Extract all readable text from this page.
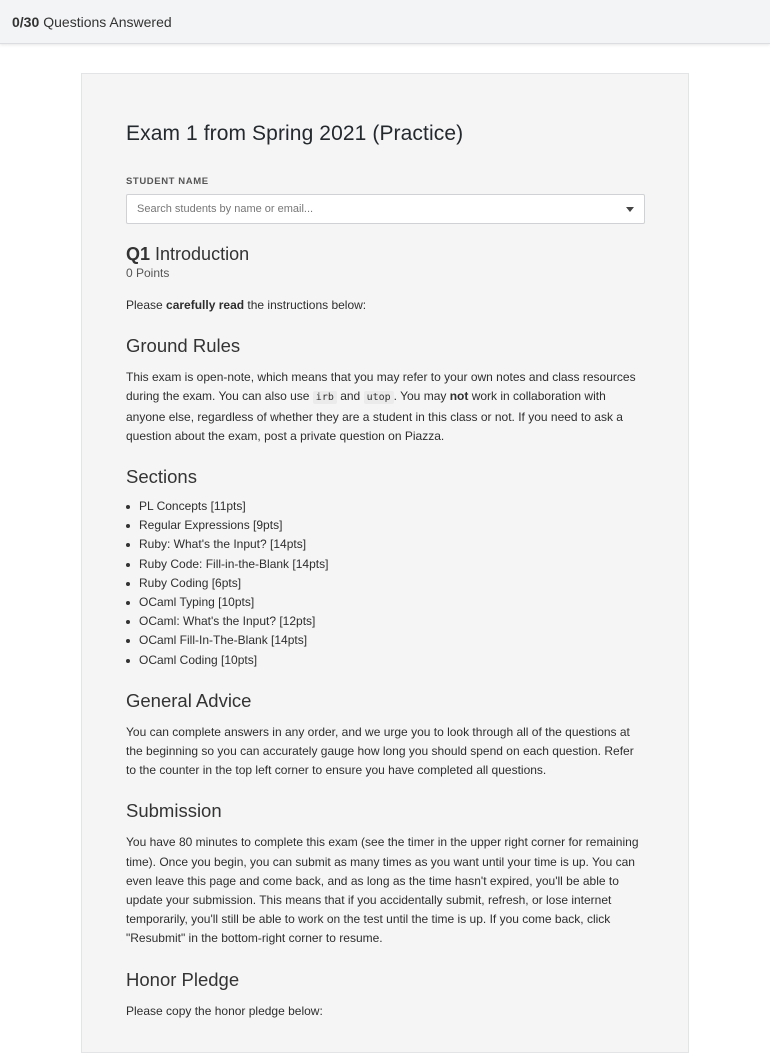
0/30 Questions Answered
Exam 1 from Spring 2021 (Practice)
STUDENT NAME
Search students by name or email...
Q1 Introduction
0 Points

Please carefully read the instructions below:

Ground Rules

This exam is open-note, which means that you may refer to your own notes and class resources during the exam. You can also use irb and utop . You may not work in collaboration with anyone else, regardless of whether they are a student in this class or not. If you need to ask a question about the exam, post a private question on Piazza.

Sections
PL Concepts [11pts]
Regular Expressions [9pts]
Ruby: What's the Input? [14pts]
Ruby Code: Fill-in-the-Blank [14pts]
Ruby Coding [6pts]
OCaml Typing [10pts]
OCaml: What's the Input? [12pts]
OCaml Fill-In-The-Blank [14pts]
OCaml Coding [10pts]
General Advice

You can complete answers in any order, and we urge you to look through all of the questions at the beginning so you can accurately gauge how long you should spend on each question. Refer to the counter in the top left corner to ensure you have completed all questions.

Submission

You have 80 minutes to complete this exam (see the timer in the upper right corner for remaining time). Once you begin, you can submit as many times as you want until your time is up. You can even leave this page and come back, and as long as the time hasn't expired, you'll be able to update your submission. This means that if you accidentally submit, refresh, or lose internet temporarily, you'll still be able to work on the test until the time is up. If you come back, click "Resubmit" in the bottom-right corner to resume.

Honor Pledge

Please copy the honor pledge below:
